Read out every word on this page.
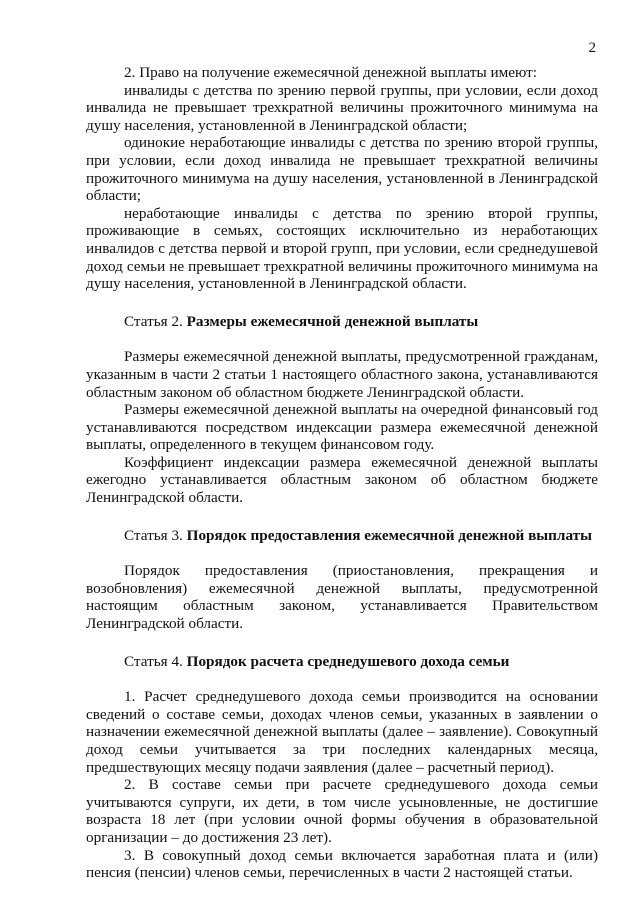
2

2. Право на получение ежемесячной денежной выплаты имеют:

инвалиды с детства по зрению первой группы, при условии, если доход инвалида не превышает трехкратной величины прожиточного минимума на душу населения, установленной в Ленинградской области;

одинокие неработающие инвалиды с детства по зрению второй группы, при условии, если доход инвалида не превышает трехкратной величины прожиточного минимума на душу населения, установленной в Ленинградской области;

неработающие инвалиды с детства по зрению второй группы, проживающие в семьях, состоящих исключительно из неработающих инвалидов с детства первой и второй групп, при условии, если среднедушевой доход семьи не превышает трехкратной величины прожиточного минимума на душу населения, установленной в Ленинградской области.

Статья 2. Размеры ежемесячной денежной выплаты

Размеры ежемесячной денежной выплаты, предусмотренной гражданам, указанным в части 2 статьи 1 настоящего областного закона, устанавливаются областным законом об областном бюджете Ленинградской области.

Размеры ежемесячной денежной выплаты на очередной финансовый год устанавливаются посредством индексации размера ежемесячной денежной выплаты, определенного в текущем финансовом году.

Коэффициент индексации размера ежемесячной денежной выплаты ежегодно устанавливается областным законом об областном бюджете Ленинградской области.

Статья 3. Порядок предоставления ежемесячной денежной выплаты

Порядок предоставления (приостановления, прекращения и возобновления) ежемесячной денежной выплаты, предусмотренной настоящим областным законом, устанавливается Правительством Ленинградской области.

Статья 4. Порядок расчета среднедушевого дохода семьи

1. Расчет среднедушевого дохода семьи производится на основании сведений о составе семьи, доходах членов семьи, указанных в заявлении о назначении ежемесячной денежной выплаты (далее – заявление). Совокупный доход семьи учитывается за три последних календарных месяца, предшествующих месяцу подачи заявления (далее – расчетный период).

2. В составе семьи при расчете среднедушевого дохода семьи учитываются супруги, их дети, в том числе усыновленные, не достигшие возраста 18 лет (при условии очной формы обучения в образовательной организации – до достижения 23 лет).

3. В совокупный доход семьи включается заработная плата и (или) пенсия (пенсии) членов семьи, перечисленных в части 2 настоящей статьи.
